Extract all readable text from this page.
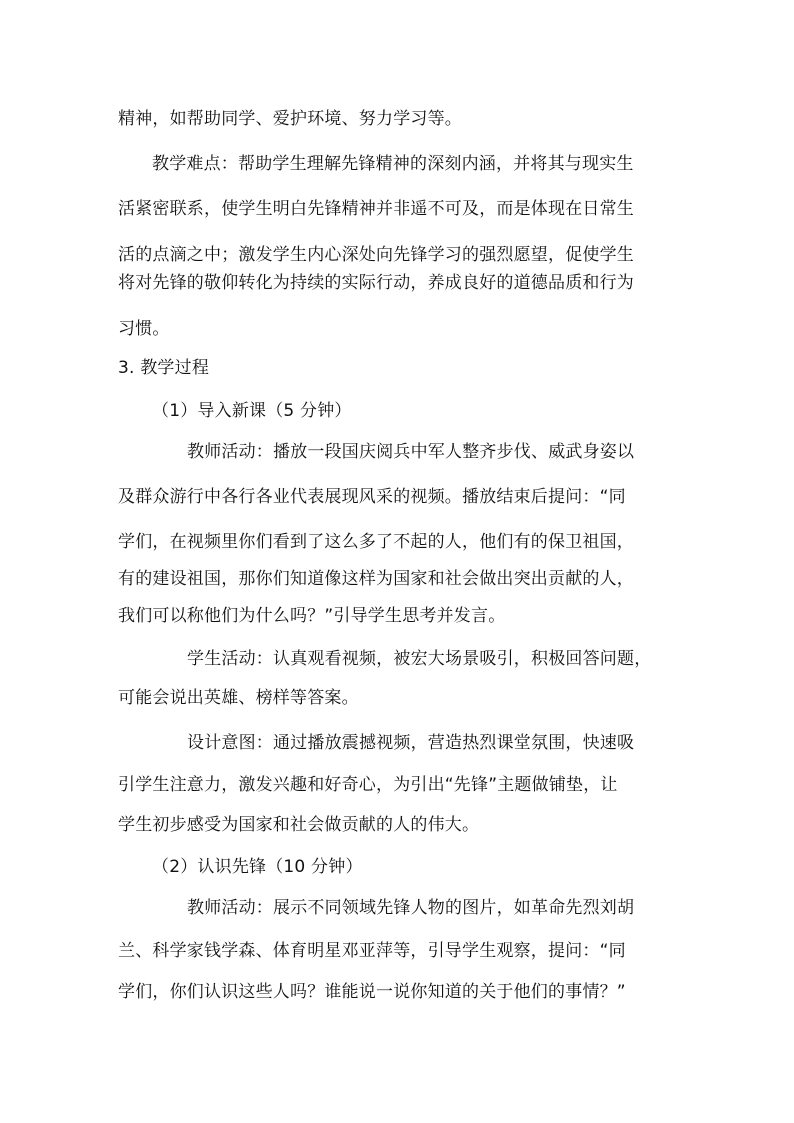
精神，如帮助同学、爱护环境、努力学习等。
教学难点：帮助学生理解先锋精神的深刻内涵，并将其与现实生
活紧密联系，使学生明白先锋精神并非遥不可及，而是体现在日常生
活的点滴之中；激发学生内心深处向先锋学习的强烈愿望，促使学生
将对先锋的敬仰转化为持续的实际行动，养成良好的道德品质和行为
习惯。
3. 教学过程
（1）导入新课（5 分钟）
教师活动：播放一段国庆阅兵中军人整齐步伐、威武身姿以
及群众游行中各行各业代表展现风采的视频。播放结束后提问：“同
学们，在视频里你们看到了这么多了不起的人，他们有的保卫祖国，
有的建设祖国，那你们知道像这样为国家和社会做出突出贡献的人，
我们可以称他们为什么吗？”引导学生思考并发言。
学生活动：认真观看视频，被宏大场景吸引，积极回答问题，
可能会说出英雄、榜样等答案。
设计意图：通过播放震撼视频，营造热烈课堂氛围，快速吸
引学生注意力，激发兴趣和好奇心，为引出“先锋”主题做铺垫，让
学生初步感受为国家和社会做贡献的人的伟大。
（2）认识先锋（10 分钟）
教师活动：展示不同领域先锋人物的图片，如革命先烈刘胡
兰、科学家钱学森、体育明星邓亚萍等，引导学生观察，提问：“同
学们，你们认识这些人吗？谁能说一说你知道的关于他们的事情？”
